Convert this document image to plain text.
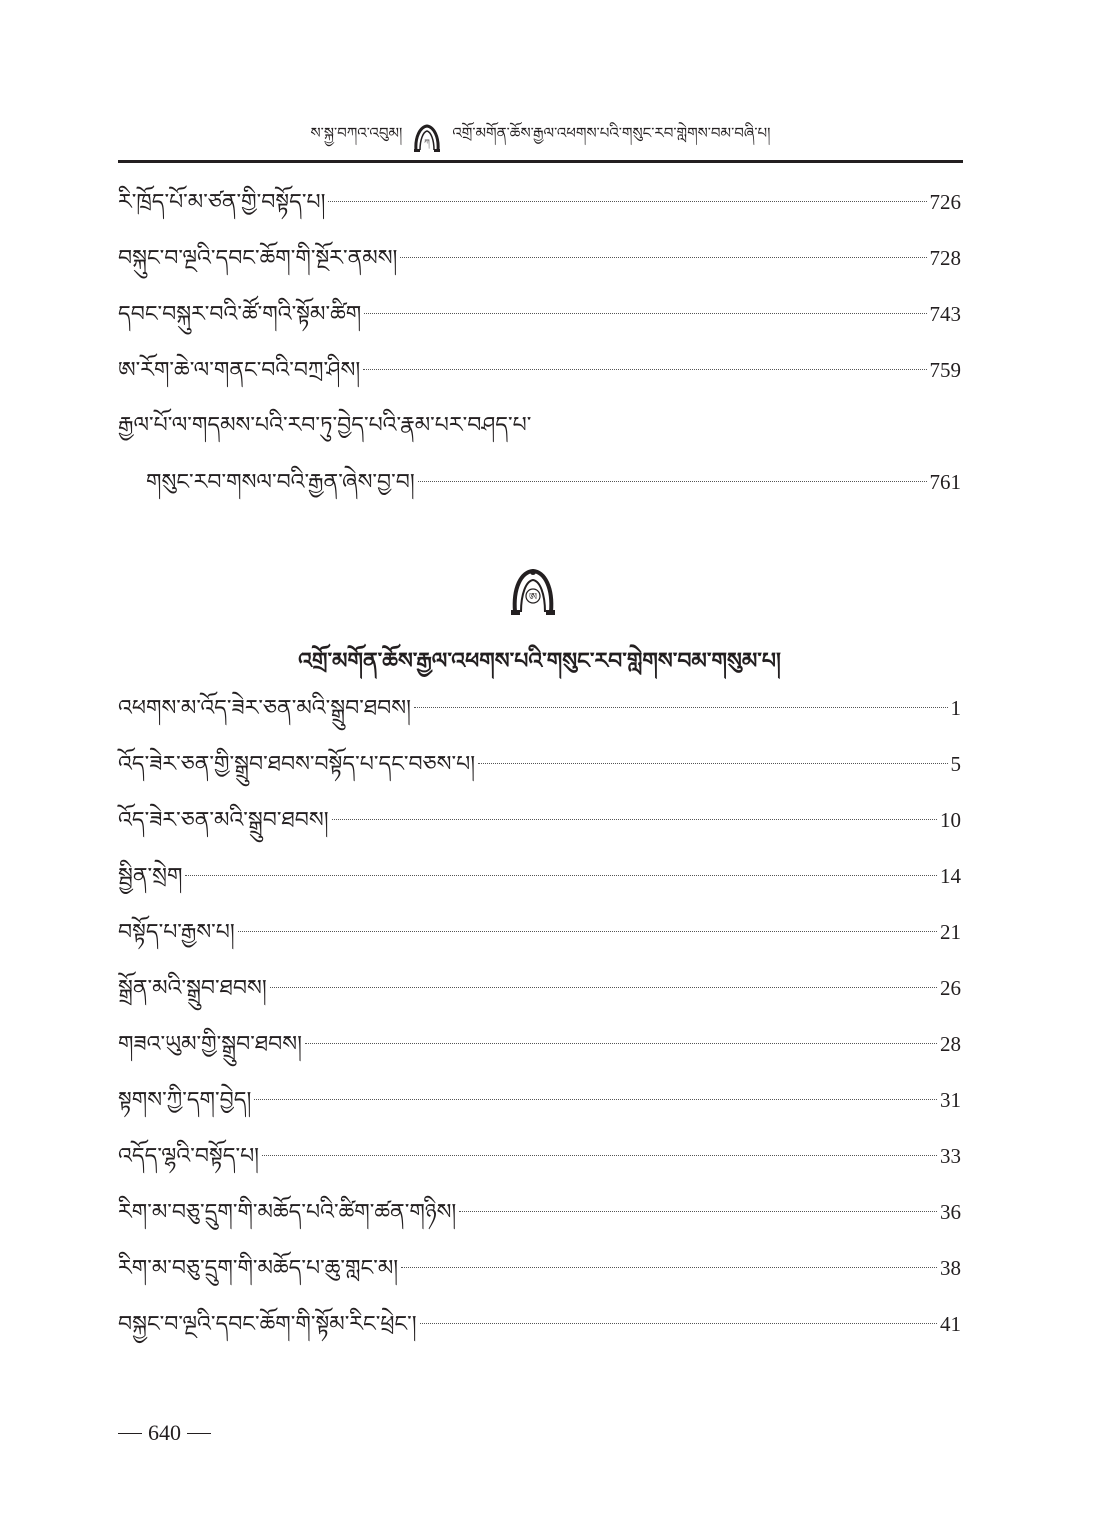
ས་སྐྱ་བཀའ་འབུམ།
ཀ
འགྲོ་མགོན་ཆོས་རྒྱལ་འཕགས་པའི་གསུང་རབ་གླེགས་བམ་བཞི་པ།
རི་ཁྲོད་པོ་མ་ཙན་གྱི་བསྟོད་པ།	726
བསྐུང་བ་ལྔའི་དབང་ཆོག་གི་སྔོར་ནམས།	728
དབང་བསྐུར་བའི་ཚོ་གའི་སྟོམ་ཚིག	743
ཨ་རོག་ཆེ་ལ་གནང་བའི་བཀྲ་ཤིས།	759
རྒྱལ་པོ་ལ་གདམས་པའི་རབ་ཏུ་བྱེད་པའི་རྣམ་པར་བཤད་པ་
གསུང་རབ་གསལ་བའི་རྒྱན་ཞེས་བྱ་བ།	761
ཨ
འགྲོ་མགོན་ཆོས་རྒྱལ་འཕགས་པའི་གསུང་རབ་གླེགས་བམ་གསུམ་པ།
འཕགས་མ་འོད་ཟེར་ཅན་མའི་སྒྲུབ་ཐབས།	1
འོད་ཟེར་ཅན་གྱི་སྒྲུབ་ཐབས་བསྟོད་པ་དང་བཅས་པ།	5
འོད་ཟེར་ཅན་མའི་སྒྲུབ་ཐབས།	10
སྦྱིན་སྲེག	14
བསྟོད་པ་རྒྱས་པ།	21
སྒྲོན་མའི་སྒྲུབ་ཐབས།	26
གཟའ་ཡུམ་གྱི་སྒྲུབ་ཐབས།	28
སྟགས་ཀྱི་དག་བྱེད།	31
འདོད་ལྷའི་བསྟོད་པ།	33
རིག་མ་བཅུ་དྲུག་གི་མཆོད་པའི་ཚིག་ཚན་གཉིས།	36
རིག་མ་བཅུ་དྲུག་གི་མཆོད་པ་ཆུ་གླང་མ།	38
བསྐྱང་བ་ལྔའི་དབང་ཆོག་གི་སྟོམ་རིང་ཕྲེང་།	41
640
